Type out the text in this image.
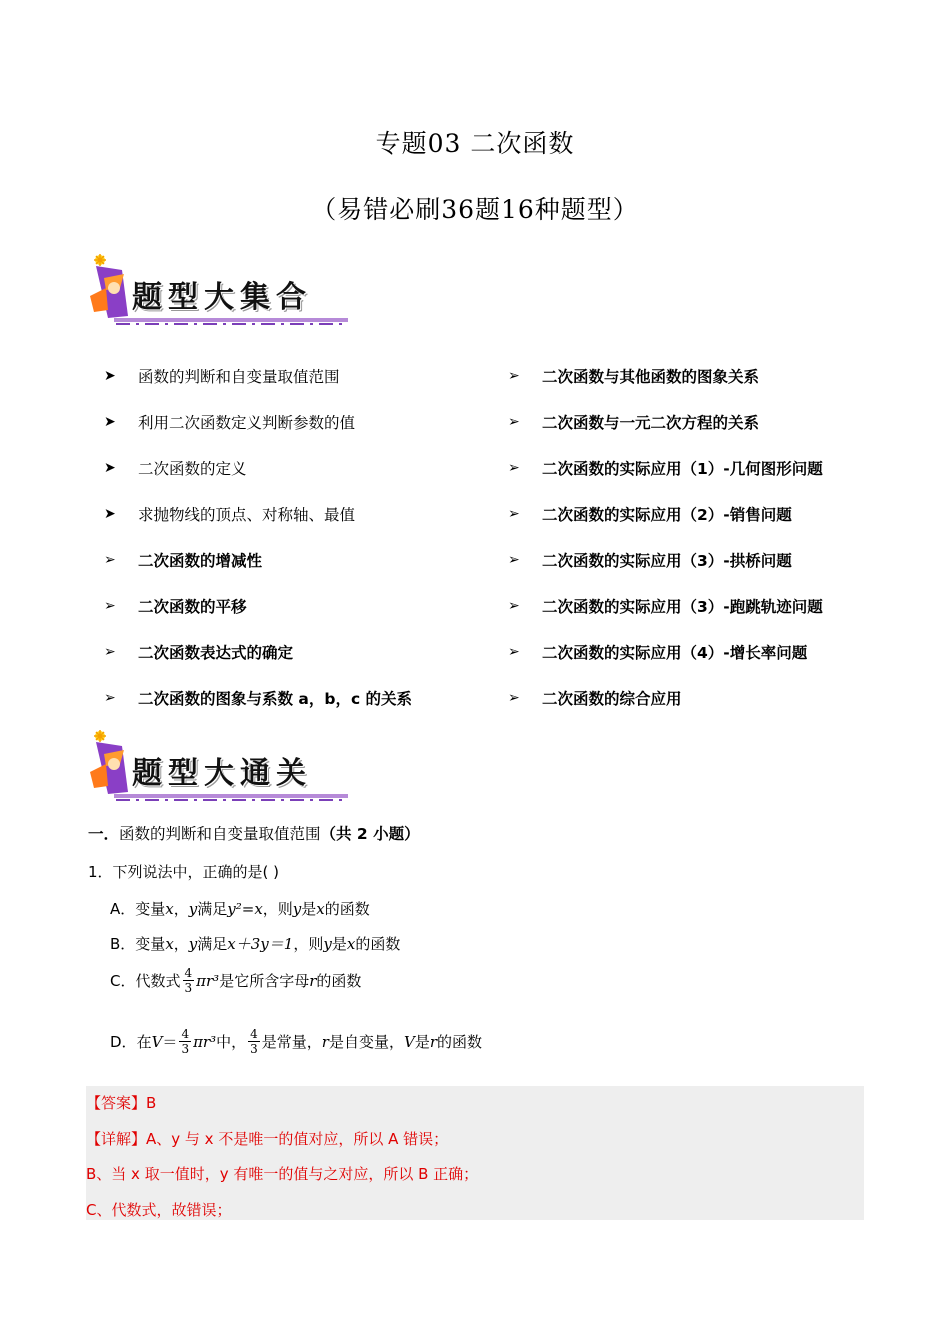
专题03 二次函数
（易错必刷36题16种题型）
题型大集合
➤	函数的判断和自变量取值范围
➤	利用二次函数定义判断参数的值
➤	二次函数的定义
➤	求抛物线的顶点、对称轴、最值
➢	二次函数的增减性
➢	二次函数的平移
➢	二次函数表达式的确定
➢	二次函数的图象与系数 a，b，c 的关系
➢	二次函数与其他函数的图象关系
➢	二次函数与一元二次方程的关系
➢	二次函数的实际应用（1）-几何图形问题
➢	二次函数的实际应用（2）-销售问题
➢	二次函数的实际应用（3）-拱桥问题
➢	二次函数的实际应用（3）-跑跳轨迹问题
➢	二次函数的实际应用（4）-增长率问题
➢	二次函数的综合应用
题型大通关
一．函数的判断和自变量取值范围（共 2 小题）
1．下列说法中，正确的是( )
A．变量x，y满足y²=x，则y是x的函数
B．变量x，y满足x＋3y＝1，则y是x的函数
C． 代数式 $\frac{4}{3} \pi r^3$ 是它所含字母 r 的函数
D． 在 $V = \frac{4}{3} \pi r^3$ 中， $\frac{4}{3}$ 是常量， r 是自变量， V 是 r 的函数
【答案】B
【详解】A、y 与 x 不是唯一的值对应，所以 A 错误；
B、当 x 取一值时，y 有唯一的值与之对应，所以 B 正确；
C、代数式，故错误；
